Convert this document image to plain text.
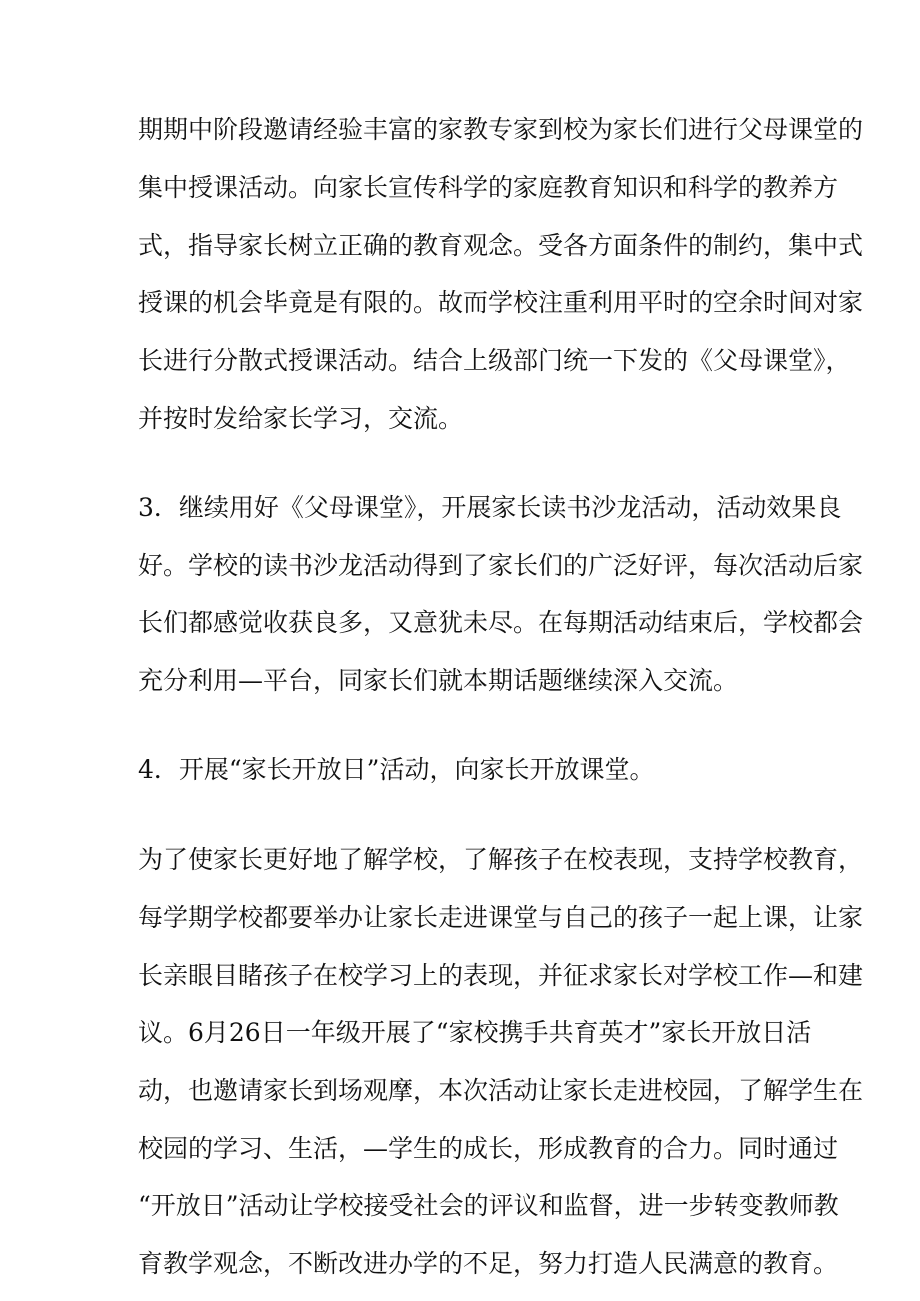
期期中阶段邀请经验丰富的家教专家到校为家长们进行父母课堂的
集中授课活动。向家长宣传科学的家庭教育知识和科学的教养方
式，指导家长树立正确的教育观念。受各方面条件的制约，集中式
授课的机会毕竟是有限的。故而学校注重利用平时的空余时间对家
长进行分散式授课活动。结合上级部门统一下发的《父母课堂》，
并按时发给家长学习，交流。
3．继续用好《父母课堂》，开展家长读书沙龙活动，活动效果良
好。学校的读书沙龙活动得到了家长们的广泛好评，每次活动后家
长们都感觉收获良多，又意犹未尽。在每期活动结束后，学校都会
充分利用—平台，同家长们就本期话题继续深入交流。
4．开展“家长开放日”活动，向家长开放课堂。
为了使家长更好地了解学校，了解孩子在校表现，支持学校教育，
每学期学校都要举办让家长走进课堂与自己的孩子一起上课，让家
长亲眼目睹孩子在校学习上的表现，并征求家长对学校工作—和建
议。6月26日一年级开展了“家校携手共育英才”家长开放日活
动，也邀请家长到场观摩，本次活动让家长走进校园，了解学生在
校园的学习、生活，—学生的成长，形成教育的合力。同时通过
“开放日”活动让学校接受社会的评议和监督，进一步转变教师教
育教学观念，不断改进办学的不足，努力打造人民满意的教育。
